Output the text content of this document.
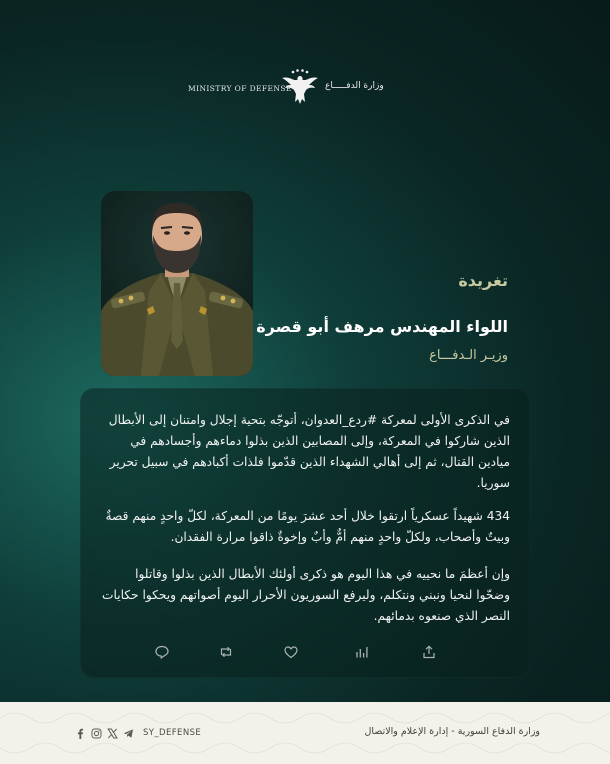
MINISTRY OF DEFENSE	وزارة الدفـــــاع
تغريدة
اللواء المهندس مرهف أبو قصرة
وزيـر الـدفـــاع
في الذكرى الأولى لمعركة #ردع_العدوان، أتوجّه بتحية إجلال وامتنان إلى الأبطال الذين شاركوا في المعركة، وإلى المصابين الذين بذلوا دماءهم وأجسادهم في ميادين القتال، ثم إلى أهالي الشهداء الذين قدّموا فلذات أكبادهم في سبيل تحرير سوريا.
434 شهيداً عسكرياً ارتقوا خلال أحد عشرَ يومًا من المعركة، لكلّ واحدٍ منهم قصةٌ وبيتٌ وأصحاب، ولكلّ واحدٍ منهم أمٌّ وأبٌ وإخوةٌ ذاقوا مرارة الفقدان.
وإن أعظمَ ما نحييه في هذا اليوم هو ذكرى أولئك الأبطال الذين بذلوا وقاتلوا وضحّوا لنحيا ونبني ونتكلم، وليرفع السوريون الأحرار اليوم أصواتهم ويحكوا حكايات النصر الذي صنعوه بدمائهم.
SY_DEFENSE	وزارة الدفاع السورية - إدارة الإعلام والاتصال
